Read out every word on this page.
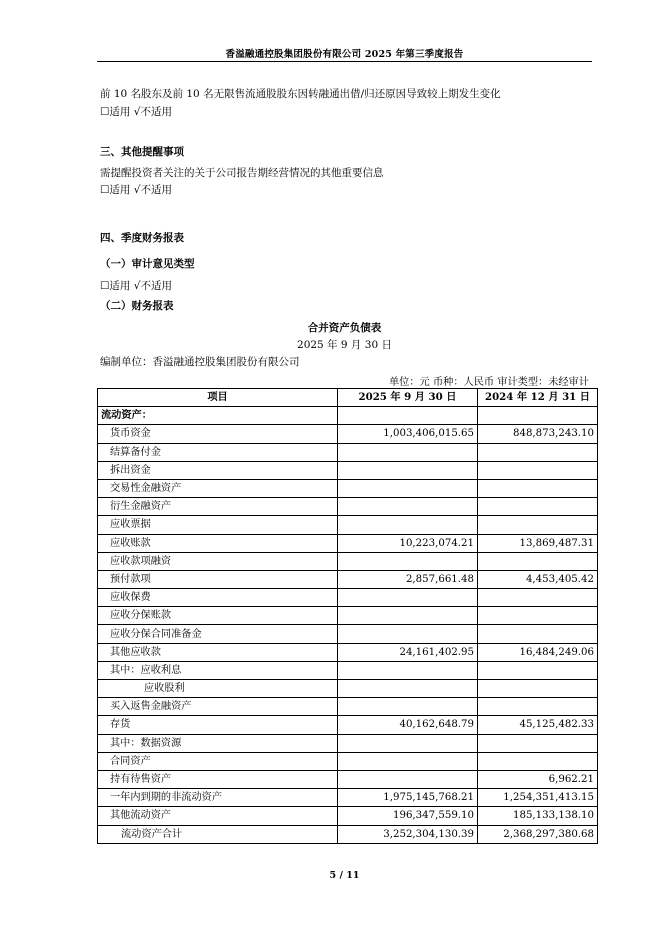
香溢融通控股集团股份有限公司 2025 年第三季度报告
前 10 名股东及前 10 名无限售流通股股东因转融通出借/归还原因导致较上期发生变化
☐适用 √不适用
三、其他提醒事项
需提醒投资者关注的关于公司报告期经营情况的其他重要信息
☐适用 √不适用
四、季度财务报表
（一）审计意见类型
☐适用 √不适用
（二）财务报表
合并资产负债表
2025 年 9 月 30 日
编制单位：香溢融通控股集团股份有限公司
单位：元 币种：人民币 审计类型：未经审计
项目	2025 年 9 月 30 日	2024 年 12 月 31 日
流动资产：		
货币资金	1,003,406,015.65	848,873,243.10
结算备付金		
拆出资金		
交易性金融资产		
衍生金融资产		
应收票据		
应收账款	10,223,074.21	13,869,487.31
应收款项融资		
预付款项	2,857,661.48	4,453,405.42
应收保费		
应收分保账款		
应收分保合同准备金		
其他应收款	24,161,402.95	16,484,249.06
其中：应收利息		
应收股利		
买入返售金融资产		
存货	40,162,648.79	45,125,482.33
其中：数据资源		
合同资产		
持有待售资产		6,962.21
一年内到期的非流动资产	1,975,145,768.21	1,254,351,413.15
其他流动资产	196,347,559.10	185,133,138.10
流动资产合计	3,252,304,130.39	2,368,297,380.68
5 / 11
